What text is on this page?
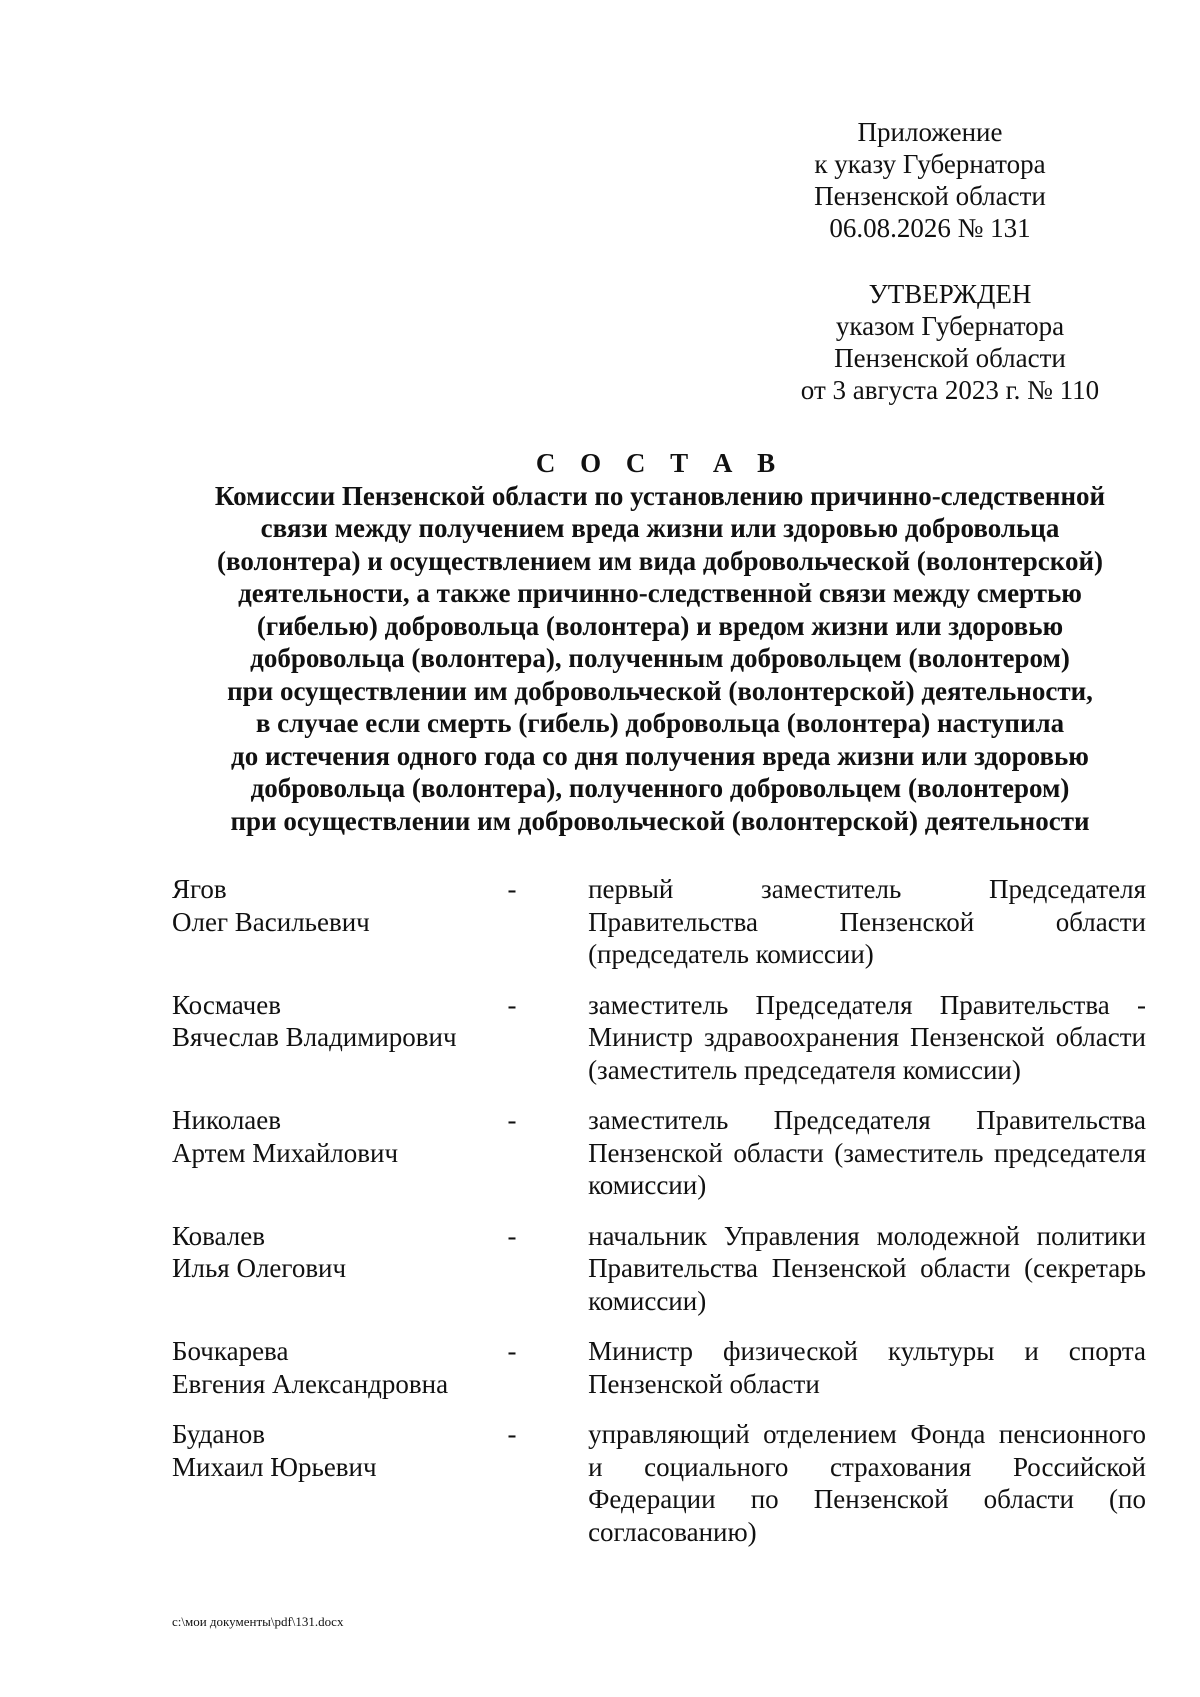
Приложение
к указу Губернатора
Пензенской области
06.08.2026 № 131
УТВЕРЖДЕН
указом Губернатора
Пензенской области
от 3 августа 2023 г. № 110
С О С Т А В
Комиссии Пензенской области по установлению причинно-следственной
связи между получением вреда жизни или здоровью добровольца
(волонтера) и осуществлением им вида добровольческой (волонтерской)
деятельности, а также причинно-следственной связи между смертью
(гибелью) добровольца (волонтера) и вредом жизни или здоровью
добровольца (волонтера), полученным добровольцем (волонтером)
при осуществлении им добровольческой (волонтерской) деятельности,
в случае если смерть (гибель) добровольца (волонтера) наступила
до истечения одного года со дня получения вреда жизни или здоровью
добровольца (волонтера), полученного добровольцем (волонтером)
при осуществлении им добровольческой (волонтерской) деятельности
Ягов
Олег Васильевич
-	первый заместитель Председателя Правительства Пензенской области (председатель комиссии)
Космачев
Вячеслав Владимирович
-	заместитель Председателя Правительства - Министр здравоохранения Пензенской области (заместитель председателя комиссии)
Николаев
Артем Михайлович
-	заместитель Председателя Правительства Пензенской области (заместитель председателя комиссии)
Ковалев
Илья Олегович
-	начальник Управления молодежной политики Правительства Пензенской области (секретарь комиссии)
Бочкарева
Евгения Александровна
-	Министр физической культуры и спорта Пензенской области
Буданов
Михаил Юрьевич
-	управляющий отделением Фонда пенсионного и социального страхования Российской Федерации по Пензенской области (по согласованию)
c:\мои документы\pdf\131.docx
